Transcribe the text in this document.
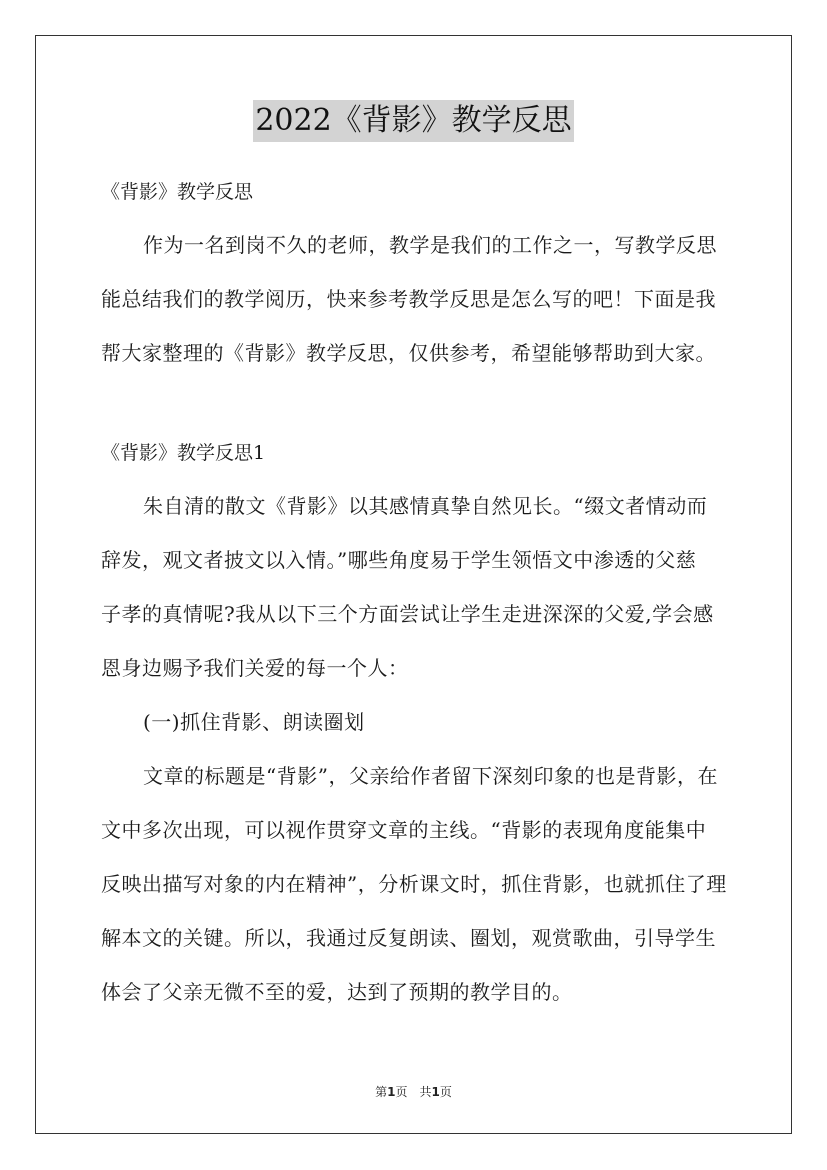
2022《背影》教学反思
《背影》教学反思
作为一名到岗不久的老师，教学是我们的工作之一，写教学反思
能总结我们的教学阅历，快来参考教学反思是怎么写的吧！下面是我
帮大家整理的《背影》教学反思，仅供参考，希望能够帮助到大家。
《背影》教学反思1
朱自清的散文《背影》以其感情真挚自然见长。“缀文者情动而
辞发，观文者披文以入情。”哪些角度易于学生领悟文中渗透的父慈
子孝的真情呢?我从以下三个方面尝试让学生走进深深的父爱,学会感
恩身边赐予我们关爱的每一个人：
(一)抓住背影、朗读圈划
文章的标题是“背影”，父亲给作者留下深刻印象的也是背影，在
文中多次出现，可以视作贯穿文章的主线。“背影的表现角度能集中
反映出描写对象的内在精神”，分析课文时，抓住背影，也就抓住了理
解本文的关键。所以，我通过反复朗读、圈划，观赏歌曲，引导学生
体会了父亲无微不至的爱，达到了预期的教学目的。
第1页 共1页
